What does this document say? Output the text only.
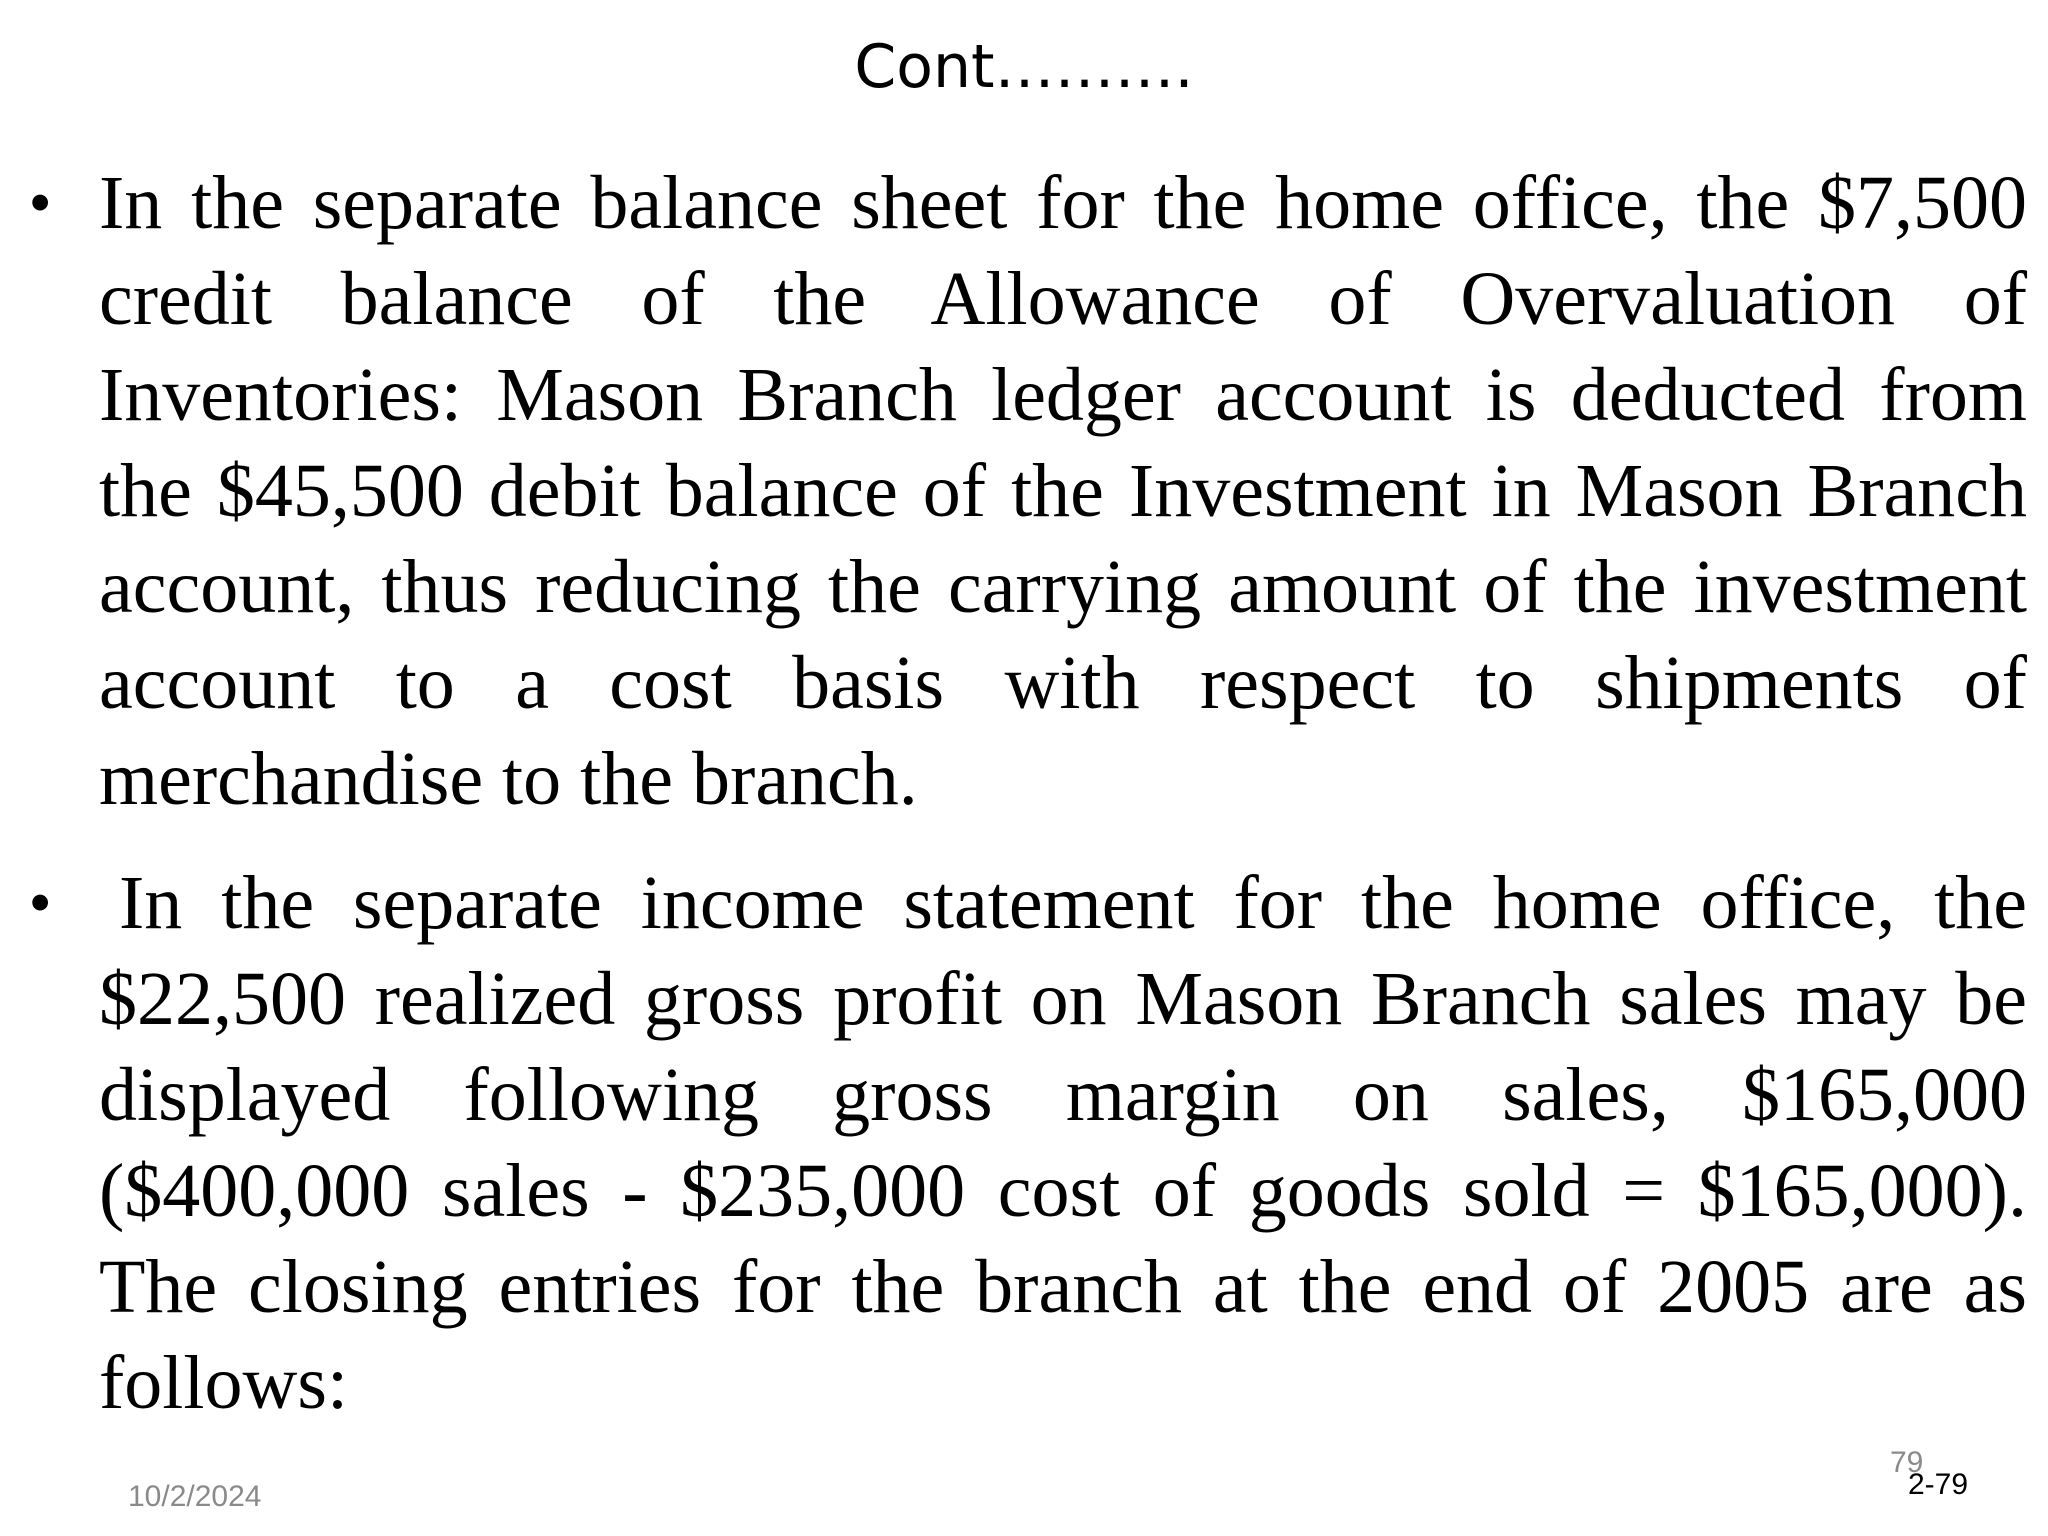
Cont……….
• In the separate balance sheet for the home office, the $7,500 credit balance of the Allowance of Overvaluation of Inventories: Mason Branch ledger account is deducted from the $45,500 debit balance of the Investment in Mason Branch account, thus reducing the carrying amount of the investment account to a cost basis with respect to shipments of merchandise to the branch.
• In the separate income statement for the home office, the $22,500 realized gross profit on Mason Branch sales may be displayed following gross margin on sales, $165,000 ($400,000 sales - $235,000 cost of goods sold = $165,000). The closing entries for the branch at the end of 2005 are as follows:
10/2/2024
79
2-79
